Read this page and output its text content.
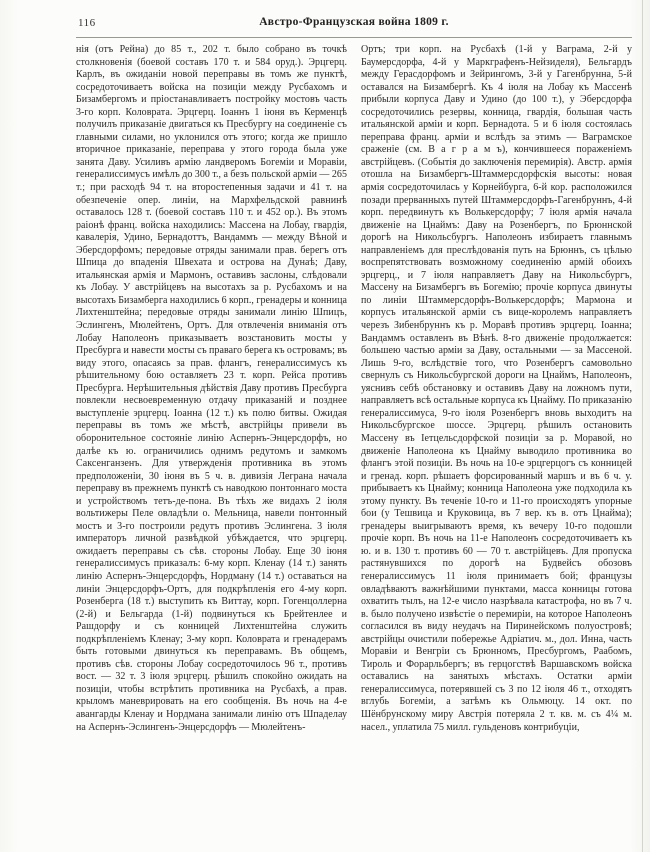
116	Австро-Французская война 1809 г.
нія (отъ Рейна) до 85 т., 202 т. было собрано въ точкѣ столкновенія (боевой составъ 170 т. и 584 оруд.). Эрцгерц. Карлъ, въ ожиданіи новой переправы въ томъ же пунктѣ, сосредоточиваетъ войска на позиціи между Русбахомъ и Бизамбергомъ и пріостанавливаетъ постройку мостовъ часть 3-го корп. Коловрата. Эрцгерц. Іоаннъ 1 іюня въ Керменцѣ получилъ приказаніе двигаться къ Пресбургу на соединеніе съ главными силами, но уклонился отъ этого; когда же пришло вторичное приказаніе, переправа у этого города была уже занята Даву. Усиливъ армію ландверомъ Богеміи и Моравіи, генералиссимусъ имѣлъ до 300 т., а безъ польской арміи — 265 т.; при расходѣ 94 т. на второстепенныя задачи и 41 т. на обезпеченіе опер. линіи, на Мархфельдской равнинѣ оставалось 128 т. (боевой составъ 110 т. и 452 ор.). Въ этомъ раіонѣ франц. войска находились: Массена на Лобау, гвардія, кавалерія, Удино, Бернадоттъ, Вандаммъ — между Вѣной и Эберсдорфомъ; передовые отряды занимали прав. берегъ отъ Шпица до впаденія Швехата и острова на Дунаѣ; Даву, итальянская армія и Мармонъ, оставивъ заслоны, слѣдовали къ Лобау. У австрійцевъ на высотахъ за р. Русбахомъ и на высотахъ Бизамберга находились 6 корп., гренадеры и конница Лихтенштейна; передовые отряды занимали линію Шпицъ, Эслингенъ, Мюлейтенъ, Ортъ. Для отвлеченія вниманія отъ Лобау Наполеонъ приказываетъ возстановить мосты у Пресбурга и навести мосты съ праваго берега къ островамъ; въ виду этого, опасаясь за прав. флангъ, генералиссимусъ къ рѣшительному бою оставляетъ 23 т. корп. Рейса противъ Пресбурга. Нерѣшительныя дѣйствія Даву противъ Пресбурга повлекли несвоевременную отдачу приказаній и позднее выступленіе эрцгерц. Іоанна (12 т.) къ полю битвы. Ожидая переправы въ томъ же мѣстѣ, австрійцы привели въ оборонительное состояніе линію Аспернъ-Энцерсдорфъ, но далѣе къ ю. ограничились однимъ редутомъ и замкомъ Саксенганзенъ. Для утвержденія противника въ этомъ предположеніи, 30 іюня въ 5 ч. в. дивизія Леграна начала переправу въ прежнемъ пунктѣ съ наводкою понтоннаго моста и устройствомъ тетъ-де-пона. Въ тѣхъ же видахъ 2 іюля вольтижеры Пеле овладѣли о. Мельница, навели понтонный мостъ и 3-го построили редутъ противъ Эслингена. 3 іюля императоръ личной развѣдкой убѣждается, что эрцгерц. ожидаетъ переправы съ сѣв. стороны Лобау. Еще 30 іюня генералиссимусъ приказалъ: 6-му корп. Кленау (14 т.) занять линію Аспернъ-Энцерсдорфъ, Нордману (14 т.) оставаться на линіи Энцерсдорфъ-Ортъ, для подкрѣпленія его 4-му корп. Розенберга (18 т.) выступить къ Виттау, корп. Гогенцоллерна (2-й) и Бельгарда (1-й) подвинуться къ Брейтенлее и Рашдорфу и съ конницей Лихтенштейна служить подкрѣпленіемъ Кленау; 3-му корп. Коловрата и гренадерамъ быть готовыми двинуться къ переправамъ. Въ общемъ, противъ сѣв. стороны Лобау сосредоточилось 96 т., противъ вост. — 32 т. 3 іюля эрцгерц. рѣшилъ спокойно ожидать на позиціи, чтобы встрѣтить противника на Русбахѣ, а прав. крыломъ маневрировать на его сообщенія. Въ ночь на 4-е авангарды Кленау и Нордмана занимали линію отъ Шпаделау на Аспернъ-Эслингенъ-Энцерсдорфъ — Мюлейтенъ-
Ортъ; три корп. на Русбахѣ (1-й у Ваграма, 2-й у Баумерсдорфа, 4-й у Маркграфенъ-Нейзиделя), Бельгардъ между Герасдорфомъ и Зейрингомъ, 3-й у Гагенбрунна, 5-й оставался на Бизамбергѣ. Къ 4 іюля на Лобау къ Массенѣ прибыли корпуса Даву и Удино (до 100 т.), у Эберсдорфа сосредоточились резервы, конница, гвардія, большая часть итальянской арміи и корп. Бернадота. 5 и 6 іюля состоялась переправа франц. арміи и вслѣдъ за этимъ — Ваграмское сраженіе (см. В а г р а м ъ), кончившееся пораженіемъ австрійцевъ. (Событія до заключенія перемирія). Австр. армія отошла на Бизамбергъ-Штаммерсдорфскія высоты: новая армія сосредоточилась у Корнейбурга, 6-й кор. расположился позади прерванныхъ путей Штаммерсдорфъ-Гагенбруннъ, 4-й корп. передвинутъ къ Волькерсдорфу; 7 іюля армія начала движеніе на Цнаймъ: Даву на Розенбергъ, по Брюннской дорогѣ на Никольсбургъ. Наполеонъ избираетъ главнымъ направленіемъ для преслѣдованія путь на Брюннъ, съ цѣлью воспрепятствовать возможному соединенію армій обоихъ эрцгерц., и 7 іюля направляетъ Даву на Никольсбургъ, Массену на Бизамбергъ въ Богемію; прочіе корпуса двинуты по линіи Штаммерсдорфъ-Волькерсдорфъ; Мармона и корпусъ итальянской арміи съ вице-королемъ направляетъ черезъ Зибенбруннъ къ р. Моравѣ противъ эрцгерц. Іоанна; Вандаммъ оставленъ въ Вѣнѣ. 8-го движеніе продолжается: большею частью арміи за Даву, остальными — за Массеной. Лишь 9-го, вслѣдствіе того, что Розенбергъ самовольно свернулъ съ Никольсбургской дороги на Цнаймъ, Наполеонъ, уяснивъ себѣ обстановку и оставивъ Даву на ложномъ пути, направляетъ всѣ остальные корпуса къ Цнайму. По приказанію генералиссимуса, 9-го іюля Розенбергъ вновь выходитъ на Никольсбургское шоссе. Эрцгерц. рѣшилъ остановить Массену въ Іетцельсдорфской позиціи за р. Моравой, но движеніе Наполеона къ Цнайму выводило противника во флангъ этой позиціи. Въ ночь на 10-е эрцгерцогъ съ конницей и гренад. корп. рѣшаетъ форсированный маршъ и въ 6 ч. у. прибываетъ къ Цнайму; конница Наполеона уже подходила къ этому пункту. Въ теченіе 10-го и 11-го происходятъ упорные бои (у Тешвица и Круковица, въ 7 вер. къ в. отъ Цнайма); гренадеры выигрываютъ время, къ вечеру 10-го подошли прочіе корп. Въ ночь на 11-е Наполеонъ сосредоточиваетъ къ ю. и в. 130 т. противъ 60 — 70 т. австрійцевъ. Для пропуска растянувшихся по дорогѣ на Будвейсъ обозовъ генералиссимусъ 11 іюля принимаетъ бой; французы овладѣваютъ важнѣйшими пунктами, масса конницы готова охватить тылъ, на 12-е число назрѣвала катастрофа, но въ 7 ч. в. было получено извѣстіе о перемиріи, на которое Наполеонъ согласился въ виду неудачъ на Пиринейскомъ полуостровѣ; австрійцы очистили побережье Адріатич. м., дол. Инна, часть Моравіи и Венгріи съ Брюнномъ, Пресбургомъ, Раабомъ, Тироль и Форарльбергъ; въ герцогствѣ Варшавскомъ войска оставались на занятыхъ мѣстахъ. Остатки арміи генералиссимуса, потерявшей съ 3 по 12 іюля 46 т., отходятъ вглубь Богеміи, а затѣмъ къ Ольмюцу. 14 окт. по Шёнбрунскому миру Австрія потеряла 2 т. кв. м. съ 4¼ м. насел., уплатила 75 милл. гульденовъ контрибуціи,
